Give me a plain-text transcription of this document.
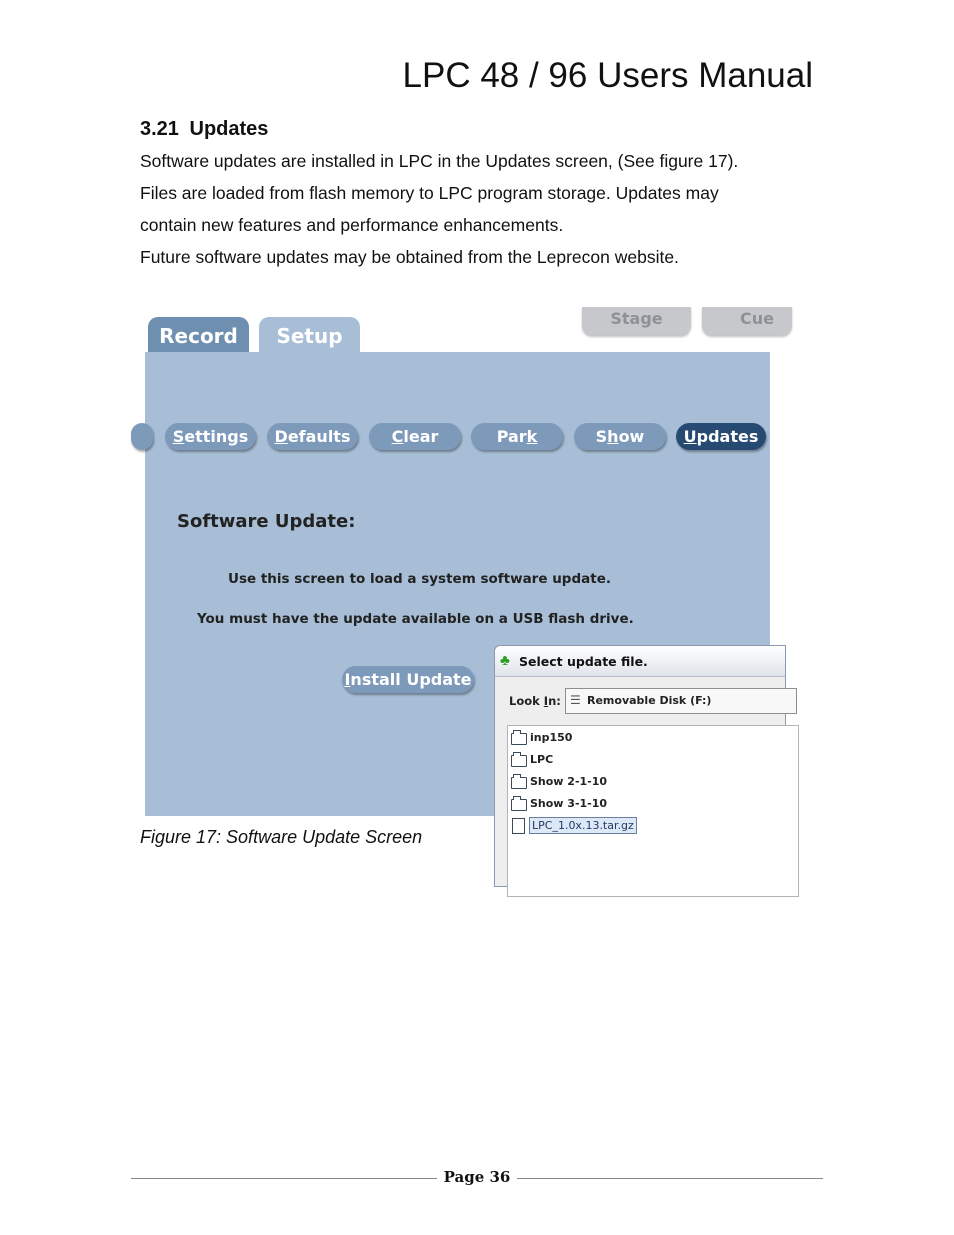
LPC 48 / 96 Users Manual
3.21 Updates
Software updates are installed in LPC in the Updates screen, (See figure 17).
Files are loaded from flash memory to LPC program storage. Updates may
contain new features and performance enhancements.
Future software updates may be obtained from the Leprecon website.
Stage	Cue
Record	Setup
Settings	Defaults	Clear	Park	Show	Updates
Software Update:
Use this screen to load a system software update.
You must have the update available on a USB flash drive.
Install Update
♣ Select update file.
Look In: ☰ Removable Disk (F:)
inp150
LPC
Show 2-1-10
Show 3-1-10
LPC_1.0x.13.tar.gz
Figure 17: Software Update Screen
Page 36
